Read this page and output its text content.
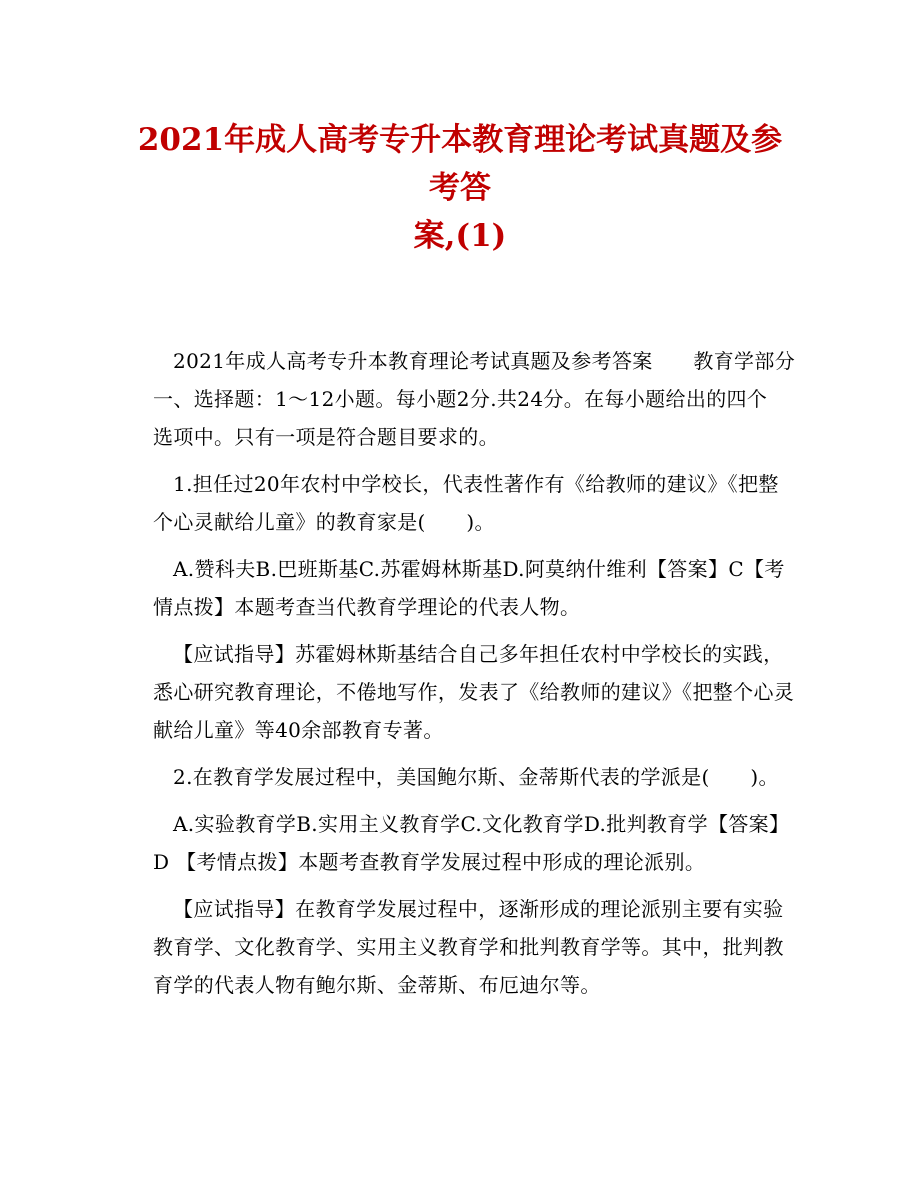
2021年成人高考专升本教育理论考试真题及参考答
案,(1)
2021年成人高考专升本教育理论考试真题及参考答案　　教育学部分
一、选择题：1～12小题。每小题2分.共24分。在每小题给出的四个
选项中。只有一项是符合题目要求的。
1.担任过20年农村中学校长，代表性著作有《给教师的建议》《把整
个心灵献给儿童》的教育家是(　　)。
A.赞科夫B.巴班斯基C.苏霍姆林斯基D.阿莫纳什维利【答案】C【考
情点拨】本题考查当代教育学理论的代表人物。
【应试指导】苏霍姆林斯基结合自己多年担任农村中学校长的实践，
悉心研究教育理论，不倦地写作，发表了《给教师的建议》《把整个心灵
献给儿童》等40余部教育专著。
2.在教育学发展过程中，美国鲍尔斯、金蒂斯代表的学派是(　　)。
A.实验教育学B.实用主义教育学C.文化教育学D.批判教育学【答案】
D 【考情点拨】本题考查教育学发展过程中形成的理论派别。
【应试指导】在教育学发展过程中，逐渐形成的理论派别主要有实验
教育学、文化教育学、实用主义教育学和批判教育学等。其中，批判教
育学的代表人物有鲍尔斯、金蒂斯、布厄迪尔等。
